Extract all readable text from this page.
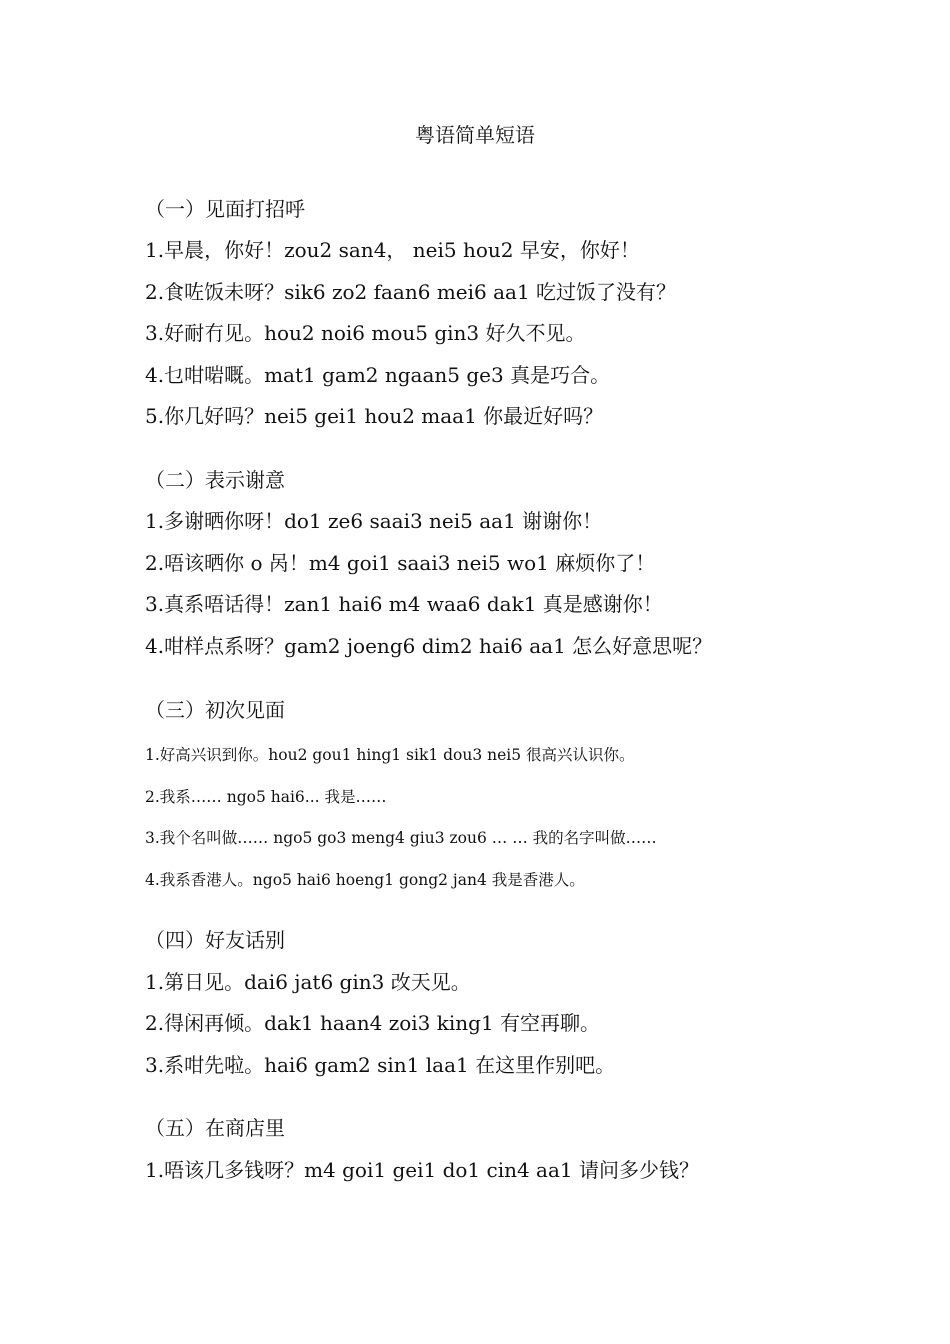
粤语简单短语
（一）见面打招呼
1.早晨，你好！zou2 san4， nei5 hou2 早安，你好！
2.食咗饭未呀？sik6 zo2 faan6 mei6 aa1 吃过饭了没有？
3.好耐冇见。hou2 noi6 mou5 gin3 好久不见。
4.乜咁啱嘅。mat1 gam2 ngaan5 ge3 真是巧合。
5.你几好吗？nei5 gei1 hou2 maa1 你最近好吗？
（二）表示谢意
1.多谢晒你呀！do1 ze6 saai3 nei5 aa1 谢谢你！
2.唔该晒你 o 呙！m4 goi1 saai3 nei5 wo1 麻烦你了！
3.真系唔话得！zan1 hai6 m4 waa6 dak1 真是感谢你！
4.咁样点系呀？gam2 joeng6 dim2 hai6 aa1 怎么好意思呢？
（三）初次见面
1.好高兴识到你。hou2 gou1 hing1 sik1 dou3 nei5 很高兴认识你。
2.我系…… ngo5 hai6... 我是……
3.我个名叫做…… ngo5 go3 meng4 giu3 zou6 … … 我的名字叫做……
4.我系香港人。ngo5 hai6 hoeng1 gong2 jan4 我是香港人。
（四）好友话别
1.第日见。dai6 jat6 gin3 改天见。
2.得闲再倾。dak1 haan4 zoi3 king1 有空再聊。
3.系咁先啦。hai6 gam2 sin1 laa1 在这里作别吧。
（五）在商店里
1.唔该几多钱呀？m4 goi1 gei1 do1 cin4 aa1 请问多少钱？
